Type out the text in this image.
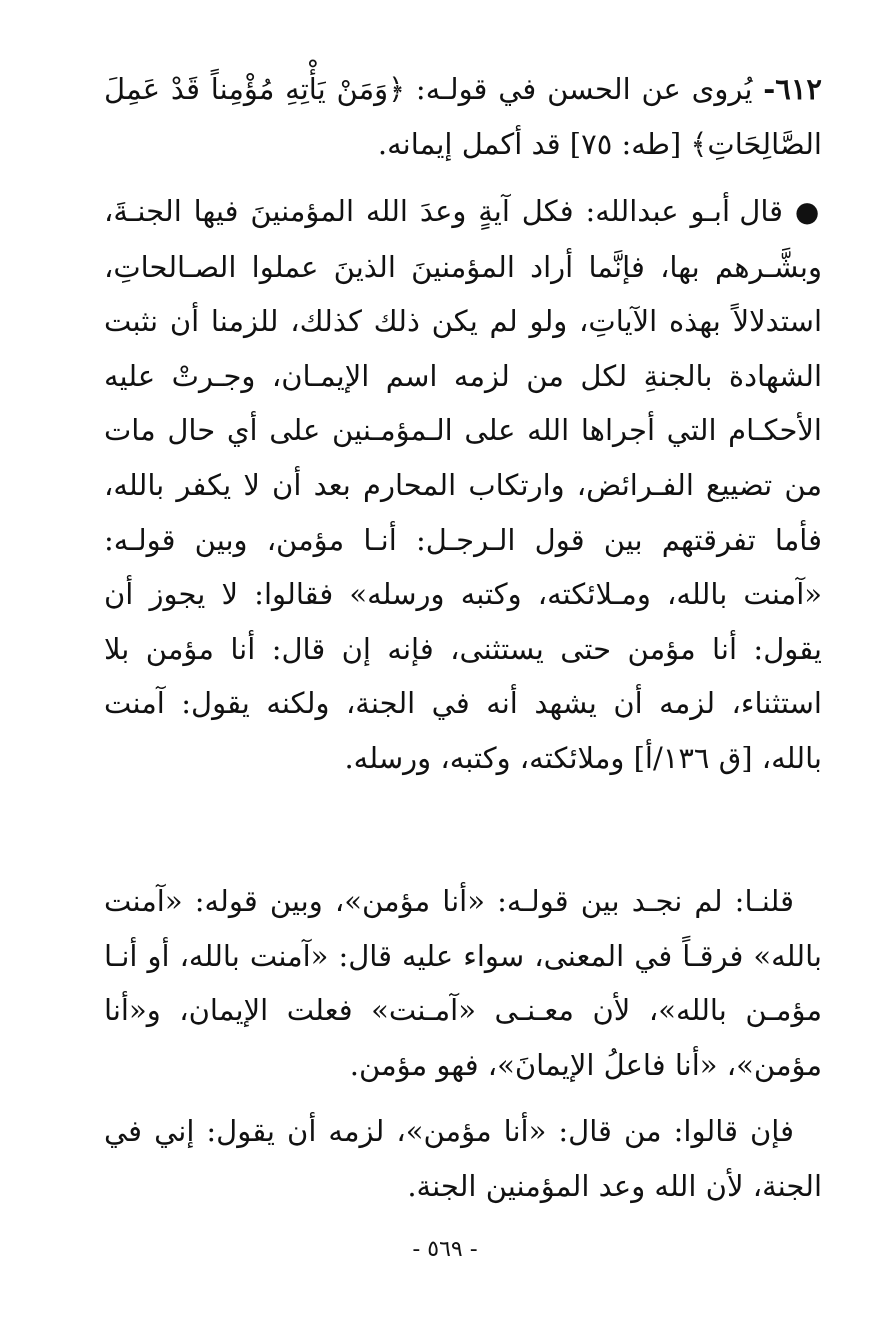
٦١٢- يُروى عن الحسن في قولـه: ﴿وَمَنْ يَأْتِهِ مُؤْمِناً قَدْ عَمِلَ الصَّالِحَاتِ﴾ [طه: ٧٥] قد أكمل إيمانه.

● قال أبـو عبدالله: فكل آيةٍ وعدَ الله المؤمنينَ فيها الجنـةَ، وبشَّـرهم بها، فإنَّما أراد المؤمنينَ الذينَ عملوا الصـالحاتِ، استدلالاً بهذه الآياتِ، ولو لم يكن ذلك كذلك، للزمنا أن نثبت الشهادة بالجنةِ لكل من لزمه اسم الإيمـان، وجـرتْ عليه الأحكـام التي أجراها الله على الـمؤمـنين على أي حال مات من تضييع الفـرائض، وارتكاب المحارم بعد أن لا يكفر بالله، فأما تفرقتهم بين قول الـرجـل: أنـا مؤمن، وبين قولـه: «آمنت بالله، ومـلائكته، وكتبه ورسله» فقالوا: لا يجوز أن يقول: أنا مؤمن حتى يستثنى، فإنه إن قال: أنا مؤمن بلا استثناء، لزمه أن يشهد أنه في الجنة، ولكنه يقول: آمنت بالله، [ق ١٣٦/أ] وملائكته، وكتبه، ورسله.

قلنـا: لم نجـد بين قولـه: «أنا مؤمن»، وبين قوله: «آمنت بالله» فرقـاً في المعنى، سواء عليه قال: «آمنت بالله، أو أنـا مؤمـن بالله»، لأن معـنـى «آمـنت» فعلت الإيمان، و«أنا مؤمن»، «أنا فاعلُ الإيمانَ»، فهو مؤمن.

فإن قالوا: من قال: «أنا مؤمن»، لزمه أن يقول: إني في الجنة، لأن الله وعد المؤمنين الجنة.

- ٥٦٩ -
